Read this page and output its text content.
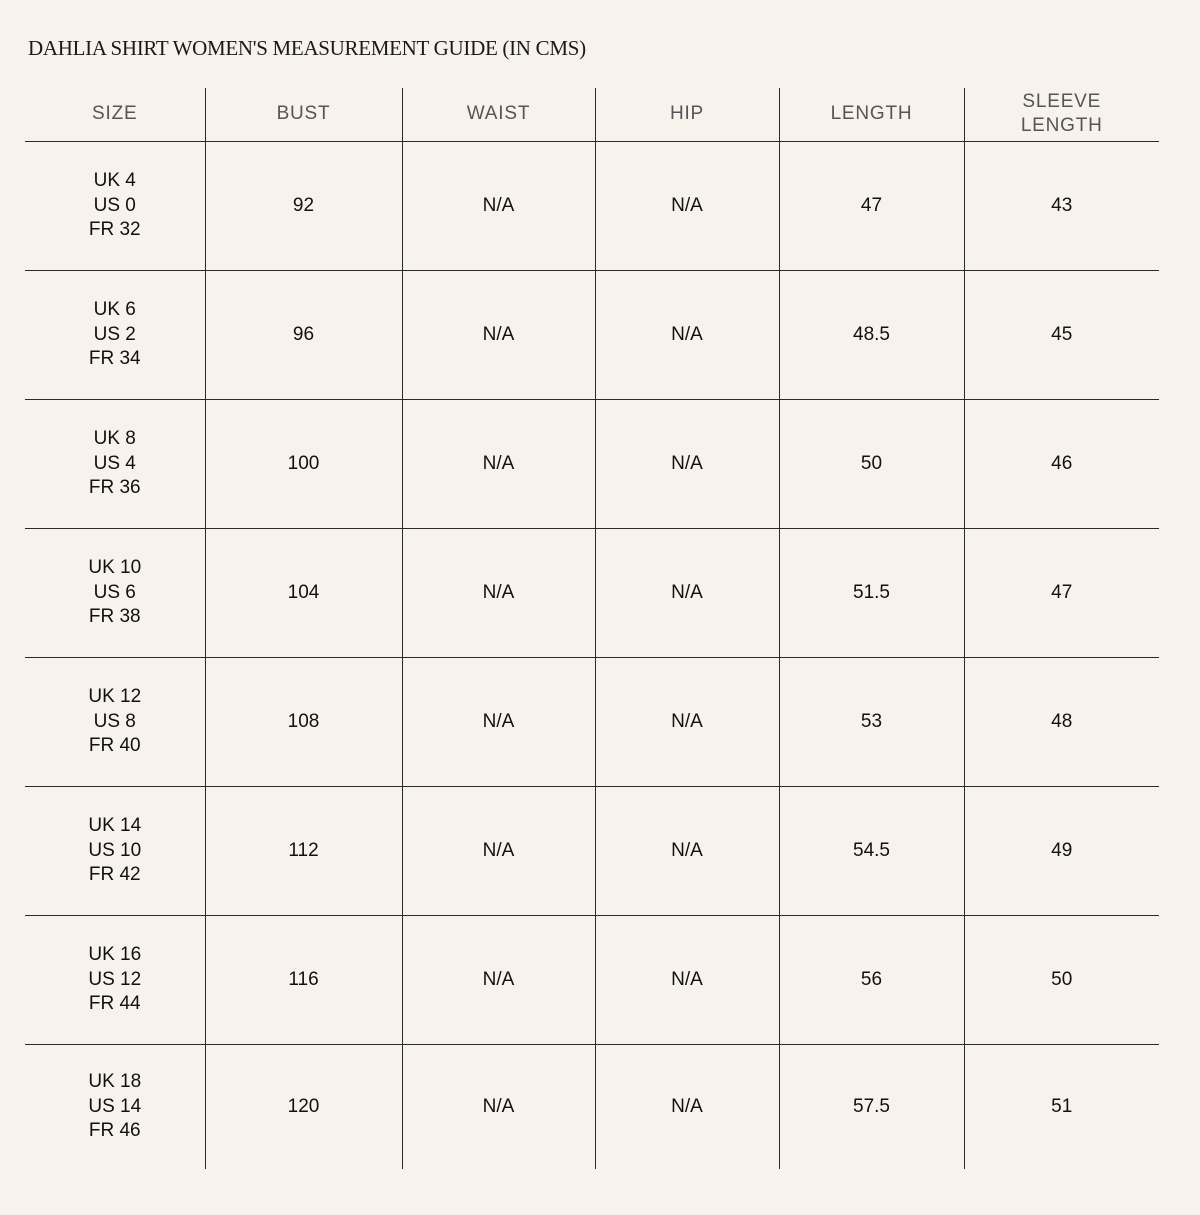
DAHLIA SHIRT WOMEN'S MEASUREMENT GUIDE (IN CMS)
SIZE	BUST	WAIST	HIP	LENGTH	SLEEVE
LENGTH

UK 4
US 0
FR 32	92	N/A	N/A	47	43

UK 6
US 2
FR 34	96	N/A	N/A	48.5	45

UK 8
US 4
FR 36	100	N/A	N/A	50	46

UK 10
US 6
FR 38	104	N/A	N/A	51.5	47

UK 12
US 8
FR 40	108	N/A	N/A	53	48

UK 14
US 10
FR 42	112	N/A	N/A	54.5	49

UK 16
US 12
FR 44	116	N/A	N/A	56	50

UK 18
US 14
FR 46	120	N/A	N/A	57.5	51
